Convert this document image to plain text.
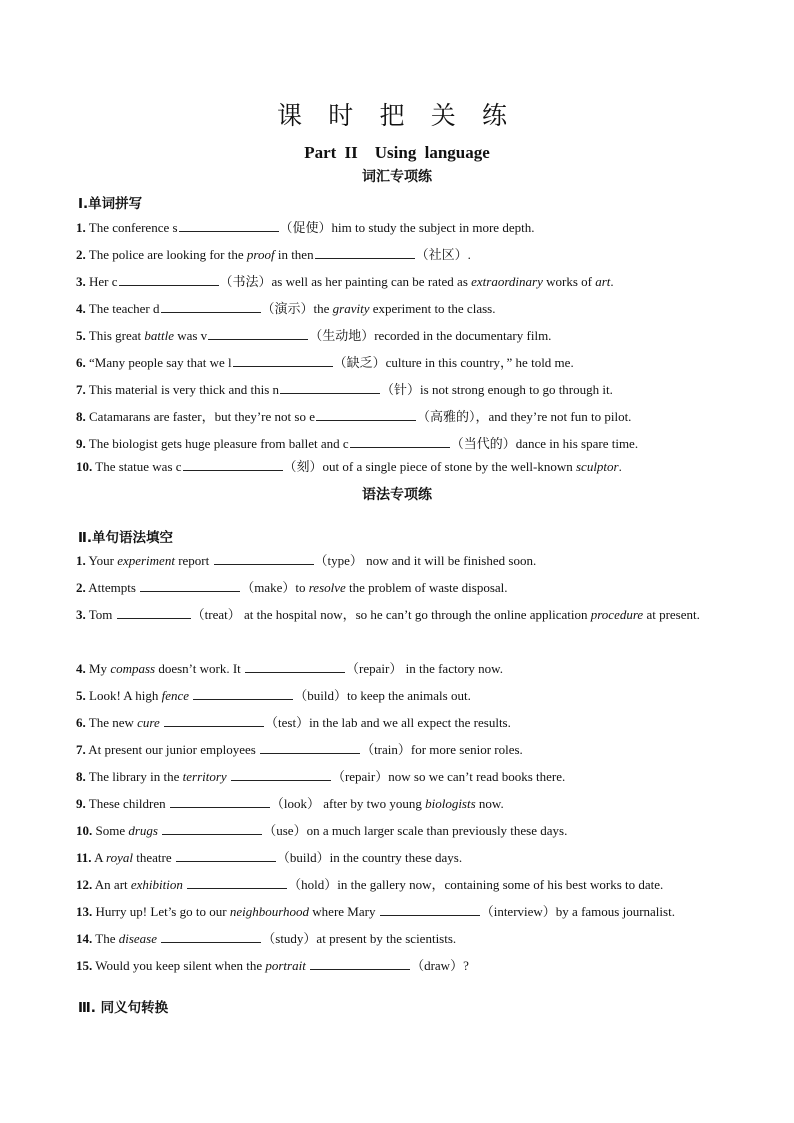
课 时 把 关 练
Part II　Using language
词汇专项练
Ⅰ.单词拼写
1. The conference s	（促使）him to study the subject in more depth.
2. The police are looking for the proof in then	（社区）.
3. Her c	（书法）as well as her painting can be rated as extraordinary works of art.
4. The teacher d	（演示）the gravity experiment to the class.
5. This great battle was v	（生动地）recorded in the documentary film.
6. “Many people say that we l	（缺乏）culture in this country，” he told me.
7. This material is very thick and this n	（针）is not strong enough to go through it.
8. Catamarans are faster，but they’re not so e	（高雅的），and they’re not fun to pilot.
9. The biologist gets huge pleasure from ballet and c	（当代的）dance in his spare time.
10. The statue was c	（刻）out of a single piece of stone by the well-known sculptor.
语法专项练
Ⅱ.单句语法填空
1. Your experiment report	（type） now and it will be finished soon.
2. Attempts	（make）to resolve the problem of waste disposal.
3. Tom	（treat） at the hospital now，so he can’t go through the online application procedure at present.
4. My compass doesn’t work. It	（repair） in the factory now.
5. Look! A high fence	（build）to keep the animals out.
6. The new cure	（test）in the lab and we all expect the results.
7. At present our junior employees	（train）for more senior roles.
8. The library in the territory	（repair）now so we can’t read books there.
9. These children	（look） after by two young biologists now.
10. Some drugs	（use）on a much larger scale than previously these days.
11. A royal theatre	（build）in the country these days.
12. An art exhibition	（hold）in the gallery now，containing some of his best works to date.
13. Hurry up! Let’s go to our neighbourhood where Mary	（interview）by a famous journalist.
14. The disease	（study）at present by the scientists.
15. Would you keep silent when the portrait	（draw）?
Ⅲ. 同义句转换
